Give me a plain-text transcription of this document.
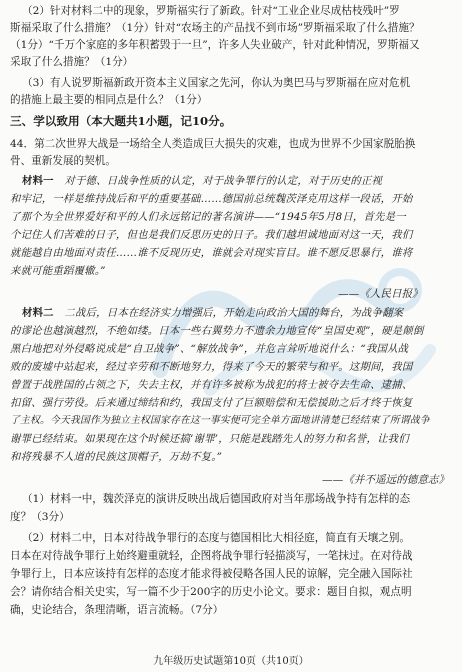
（2）针对材料二中的现象，罗斯福实行了新政。针对“工业企业尽成枯枝残叶”罗
斯福采取了什么措施？（1分）针对“农场主的产品找不到市场”罗斯福采取了什么措施？
（1分）“千万个家庭的多年积蓄毁于一旦”，许多人失业破产，针对此种情况，罗斯福又
采取了什么措施？（1分）
（3）有人说罗斯福新政开资本主义国家之先河，你认为奥巴马与罗斯福在应对危机
的措施上最主要的相同点是什么？（1分）
三、学以致用（本大题共1小题，记10分。
44．第二次世界大战是一场给全人类造成巨大损失的灾难，也成为世界不少国家脱胎换
骨、重新发展的契机。
材料一　 对于德、日战争性质的认定，对于战争罪行的认定，对于历史的正视
和牢记，一样是维持战后和平的重要基础……德国前总统魏茨泽克用这样一段话，开始
了那个为全世界爱好和平的人们永远铭记的著名演讲——“1945年5月8日，首先是一
个记住人们苦难的日子，但也是我们反思历史的日子。我们越坦诚地面对这一天，我们
就能越自由地面对责任……谁不反现历史，谁就会对现实盲目。谁不愿反思暴行，谁将
来就可能重蹈覆辙。”
——《人民日报》
材料二　 二战后，日本在经济实力增强后，开始走向政治大国的舞台，为战争翻案
的谬论也越演越烈，不绝如缕。日本一些右翼势力不遗余力地宣传“皇国史观”，硬是颠倒
黑白地把对外侵略说成是“自卫战争”、“解放战争”，并危言耸听地说什么：“我国从战
败的废墟中站起来，经过辛劳和不断地努力，得来了今天的繁荣与和平。这期间，我国
曾置于战胜国的占领之下，失去主权，并有许多被称为战犯的将士被夺去生命、逮捕、
扣留、强行劳役。后来通过缔结和约，我国支付了巨额赔偿和无偿援助之后才终于恢复
了主权。今天我国作为独立主权国家存在这一事实便可完全单方面地讲清楚已经结束了所谓战争
谢罪已经结束。如果现在这个时候还搞‘谢罪’，只能是践踏先人的努力和名誉，让我们
和将残暴不人道的民族这顶帽子，万劫不复。”
——《并不遥远的德意志》
（1）材料一中，魏茨泽克的演讲反映出战后德国政府对当年那场战争持有怎样的态
度？（3分）
（2）材料二中，日本对待战争罪行的态度与德国相比大相径庭，简直有天壤之别。
日本在对待战争罪行上始终避重就轻，企图将战争罪行轻描淡写，一笔抹过。在对待战
争罪行上，日本应该持有怎样的态度才能求得被侵略各国人民的谅解，完全融入国际社
会？请你结合相关史实，写一篇不少于200字的历史小论文。要求：题目自拟，观点明
确，史论结合，条理清晰，语言流畅。（7分）
九年级历史试题第10页（共10页）
